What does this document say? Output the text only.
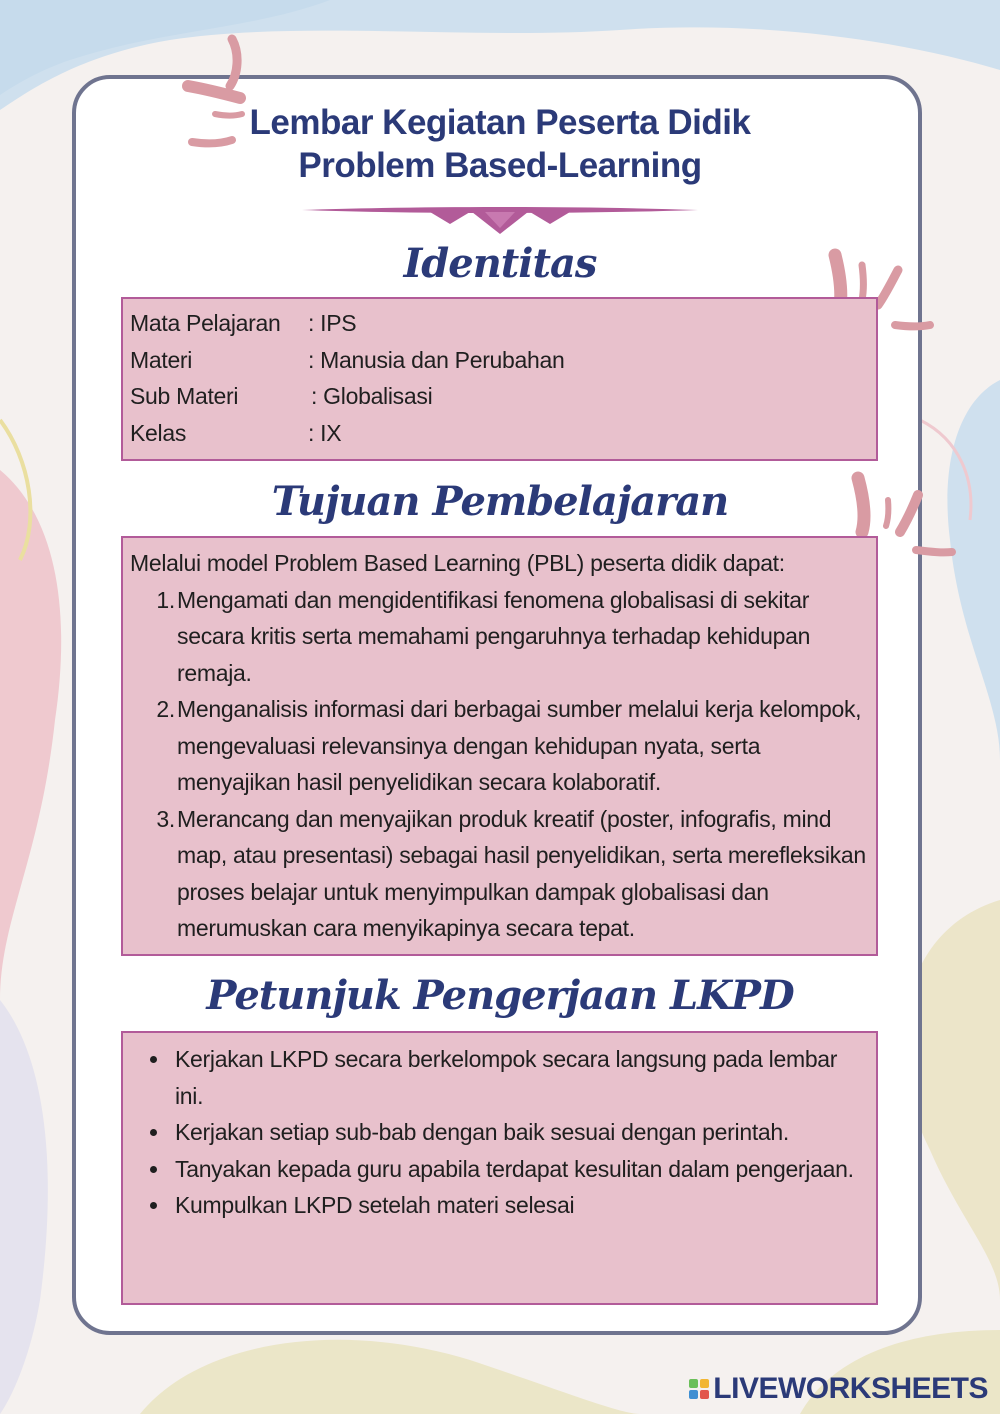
Lembar Kegiatan Peserta Didik
Problem Based-Learning
Identitas
Mata Pelajaran	: IPS
Materi	: Manusia dan Perubahan
Sub Materi	: Globalisasi
Kelas	: IX
Tujuan Pembelajaran
Melalui model Problem Based Learning (PBL) peserta didik dapat:
1. Mengamati dan mengidentifikasi fenomena globalisasi di sekitar secara kritis serta memahami pengaruhnya terhadap kehidupan remaja.
2. Menganalisis informasi dari berbagai sumber melalui kerja kelompok, mengevaluasi relevansinya dengan kehidupan nyata, serta menyajikan hasil penyelidikan secara kolaboratif.
3. Merancang dan menyajikan produk kreatif (poster, infografis, mind map, atau presentasi) sebagai hasil penyelidikan, serta merefleksikan proses belajar untuk menyimpulkan dampak globalisasi dan merumuskan cara menyikapinya secara tepat.
Petunjuk Pengerjaan LKPD
Kerjakan LKPD secara berkelompok secara langsung pada lembar ini.
Kerjakan setiap sub-bab dengan baik sesuai dengan perintah.
Tanyakan kepada guru apabila terdapat kesulitan dalam pengerjaan.
Kumpulkan LKPD setelah materi selesai
LIVEWORKSHEETS
